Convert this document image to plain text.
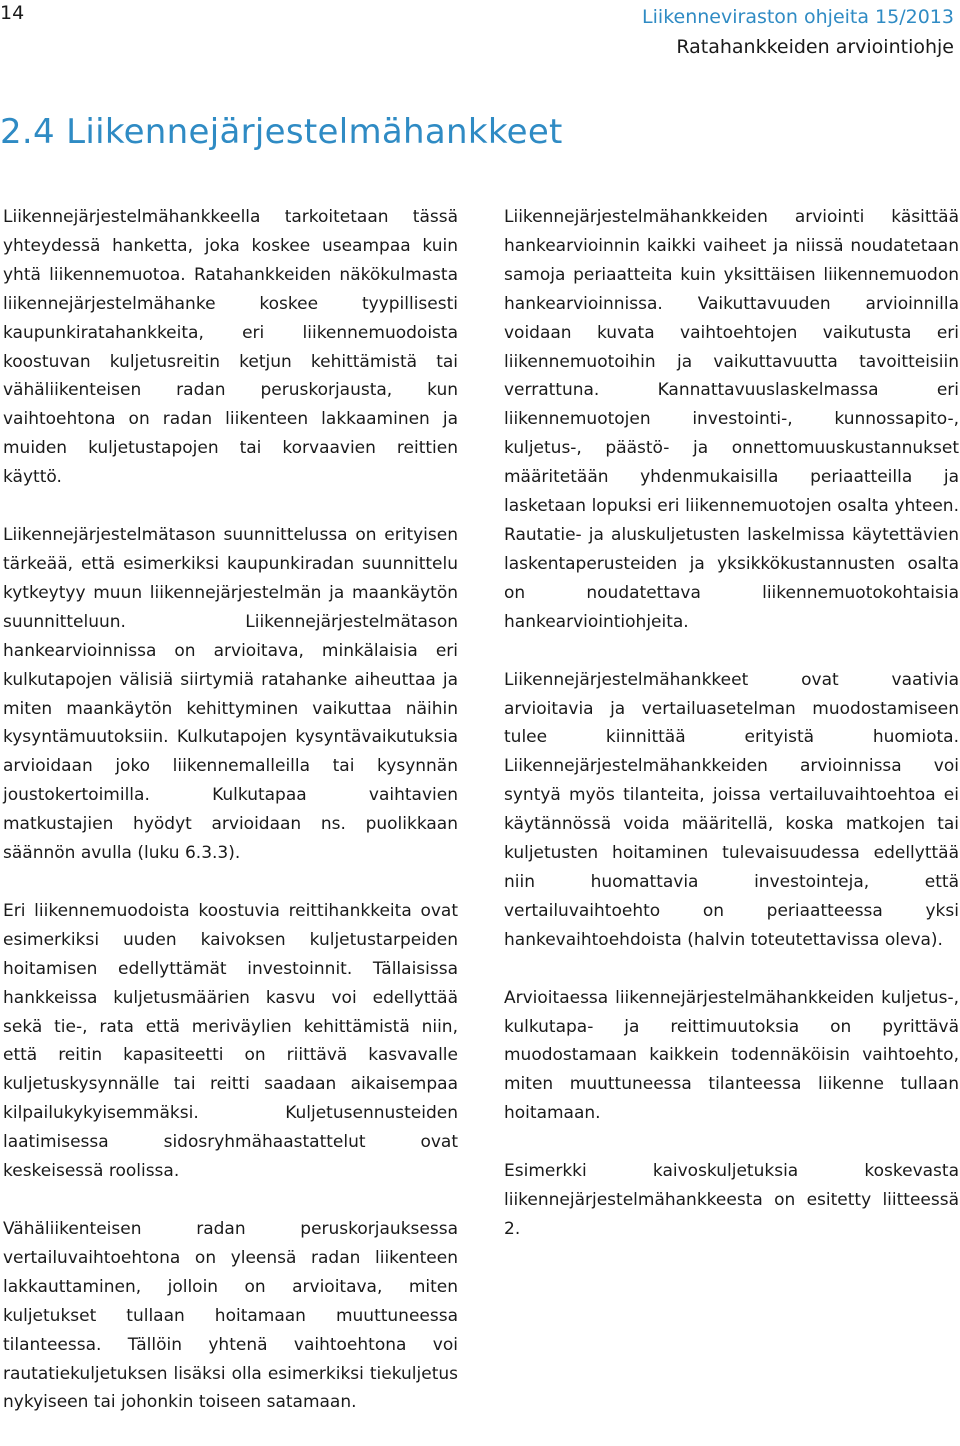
14	Liikenneviraston ohjeita 15/2013
Ratahankkeiden arviointiohje
2.4 Liikennejärjestelmähankkeet

Liikennejärjestelmähankkeella tarkoitetaan tässä yhteydessä hanketta, joka koskee useampaa kuin yhtä liikennemuotoa. Ratahankkeiden näkökulmasta liikennejärjestelmähanke koskee tyypillisesti kaupunkiratahankkeita, eri liikennemuodoista koostuvan kuljetusreitin ketjun kehittämistä tai vähäliikenteisen radan peruskorjausta, kun vaihtoehtona on radan liikenteen lakkaaminen ja muiden kuljetustapojen tai korvaavien reittien käyttö.

Liikennejärjestelmätason suunnittelussa on erityisen tärkeää, että esimerkiksi kaupunkiradan suunnittelu kytkeytyy muun liikennejärjestelmän ja maankäytön suunnitteluun. Liikennejärjestelmätason hankearvioinnissa on arvioitava, minkälaisia eri kulkutapojen välisiä siirtymiä ratahanke aiheuttaa ja miten maankäytön kehittyminen vaikuttaa näihin kysyntämuutoksiin. Kulkutapojen kysyntävaikutuksia arvioidaan joko liikennemalleilla tai kysynnän joustokertoimilla. Kulkutapaa vaihtavien matkustajien hyödyt arvioidaan ns. puolikkaan säännön avulla (luku 6.3.3).

Eri liikennemuodoista koostuvia reittihankkeita ovat esimerkiksi uuden kaivoksen kuljetustarpeiden hoitamisen edellyttämät investoinnit. Tällaisissa hankkeissa kuljetusmäärien kasvu voi edellyttää sekä tie-, rata että meriväylien kehittämistä niin, että reitin kapasiteetti on riittävä kasvavalle kuljetuskysynnälle tai reitti saadaan aikaisempaa kilpailukykyisemmäksi. Kuljetusennusteiden laatimisessa sidosryhmähaastattelut ovat keskeisessä roolissa.

Vähäliikenteisen radan peruskorjauksessa vertailuvaihtoehtona on yleensä radan liikenteen lakkauttaminen, jolloin on arvioitava, miten kuljetukset tullaan hoitamaan muuttuneessa tilanteessa. Tällöin yhtenä vaihtoehtona voi rautatiekuljetuksen lisäksi olla esimerkiksi tiekuljetus nykyiseen tai johonkin toiseen satamaan.

Liikennejärjestelmähankkeiden arviointi käsittää hankearvioinnin kaikki vaiheet ja niissä noudatetaan samoja periaatteita kuin yksittäisen liikennemuodon hankearvioinnissa. Vaikuttavuuden arvioinnilla voidaan kuvata vaihtoehtojen vaikutusta eri liikennemuotoihin ja vaikuttavuutta tavoitteisiin verrattuna. Kannattavuuslaskelmassa eri liikennemuotojen investointi-, kunnossapito-, kuljetus-, päästö- ja onnettomuuskustannukset määritetään yhdenmukaisilla periaatteilla ja lasketaan lopuksi eri liikennemuotojen osalta yhteen. Rautatie- ja aluskuljetusten laskelmissa käytettävien laskentaperusteiden ja yksikkökustannusten osalta on noudatettava liikennemuotokohtaisia hankearviointiohjeita.

Liikennejärjestelmähankkeet ovat vaativia arvioitavia ja vertailuasetelman muodostamiseen tulee kiinnittää erityistä huomiota. Liikennejärjestelmähankkeiden arvioinnissa voi syntyä myös tilanteita, joissa vertailuvaihtoehtoa ei käytännössä voida määritellä, koska matkojen tai kuljetusten hoitaminen tulevaisuudessa edellyttää niin huomattavia investointeja, että vertailuvaihtoehto on periaatteessa yksi hankevaihtoehdoista (halvin toteutettavissa oleva).

Arvioitaessa liikennejärjestelmähankkeiden kuljetus-, kulkutapa- ja reittimuutoksia on pyrittävä muodostamaan kaikkein todennäköisin vaihtoehto, miten muuttuneessa tilanteessa liikenne tullaan hoitamaan.

Esimerkki kaivoskuljetuksia koskevasta liikennejärjestelmähankkeesta on esitetty liitteessä 2.
